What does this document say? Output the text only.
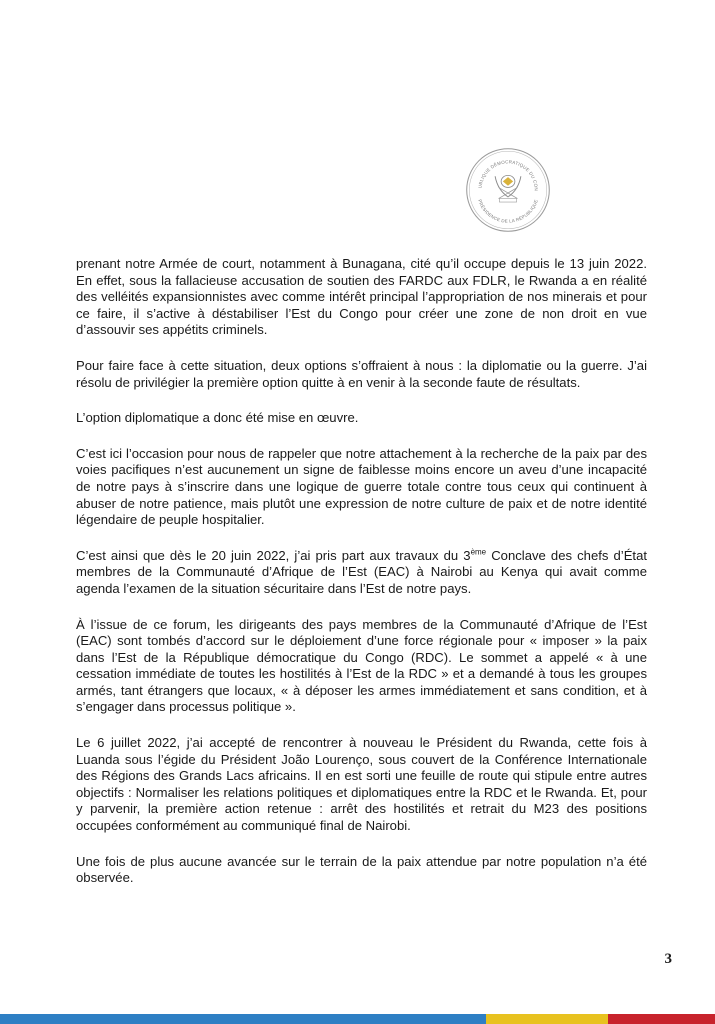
UBLIQUE DÉMOCRATIQUE DU CON
PRÉSIDENCE DE LA RÉPUBLIQUE

prenant notre Armée de court, notamment à Bunagana, cité qu’il occupe depuis le 13 juin 2022. En effet, sous la fallacieuse accusation de soutien des FARDC aux FDLR, le Rwanda a en réalité des velléités expansionnistes avec comme intérêt principal l’appropriation de nos minerais et pour ce faire, il s’active à déstabiliser l’Est du Congo pour créer une zone de non droit en vue d’assouvir ses appétits criminels.

Pour faire face à cette situation, deux options s’offraient à nous : la diplomatie ou la guerre. J’ai résolu de privilégier la première option quitte à en venir à la seconde faute de résultats.

L’option diplomatique a donc été mise en œuvre.

C’est ici l’occasion pour nous de rappeler que notre attachement à la recherche de la paix par des voies pacifiques n’est aucunement un signe de faiblesse moins encore un aveu d’une incapacité de notre pays à s’inscrire dans une logique de guerre totale contre tous ceux qui continuent à abuser de notre patience, mais plutôt une expression de notre culture de paix et de notre identité légendaire de peuple hospitalier.

C’est ainsi que dès le 20 juin 2022, j’ai pris part aux travaux du 3ème Conclave des chefs d’État membres de la Communauté d’Afrique de l’Est (EAC) à Nairobi au Kenya qui avait comme agenda l’examen de la situation sécuritaire dans l’Est de notre pays.

À l’issue de ce forum, les dirigeants des pays membres de la Communauté d’Afrique de l’Est (EAC) sont tombés d’accord sur le déploiement d’une force régionale pour « imposer » la paix dans l’Est de la République démocratique du Congo (RDC). Le sommet a appelé « à une cessation immédiate de toutes les hostilités à l’Est de la RDC » et a demandé à tous les groupes armés, tant étrangers que locaux, « à déposer les armes immédiatement et sans condition, et à s’engager dans processus politique ».

Le 6 juillet 2022, j’ai accepté de rencontrer à nouveau le Président du Rwanda, cette fois à Luanda sous l’égide du Président João Lourenço, sous couvert de la Conférence Internationale des Régions des Grands Lacs africains. Il en est sorti une feuille de route qui stipule entre autres objectifs : Normaliser les relations politiques et diplomatiques entre la RDC et le Rwanda. Et, pour y parvenir, la première action retenue : arrêt des hostilités et retrait du M23 des positions occupées conformément au communiqué final de Nairobi.

Une fois de plus aucune avancée sur le terrain de la paix attendue par notre population n’a été observée.

3
